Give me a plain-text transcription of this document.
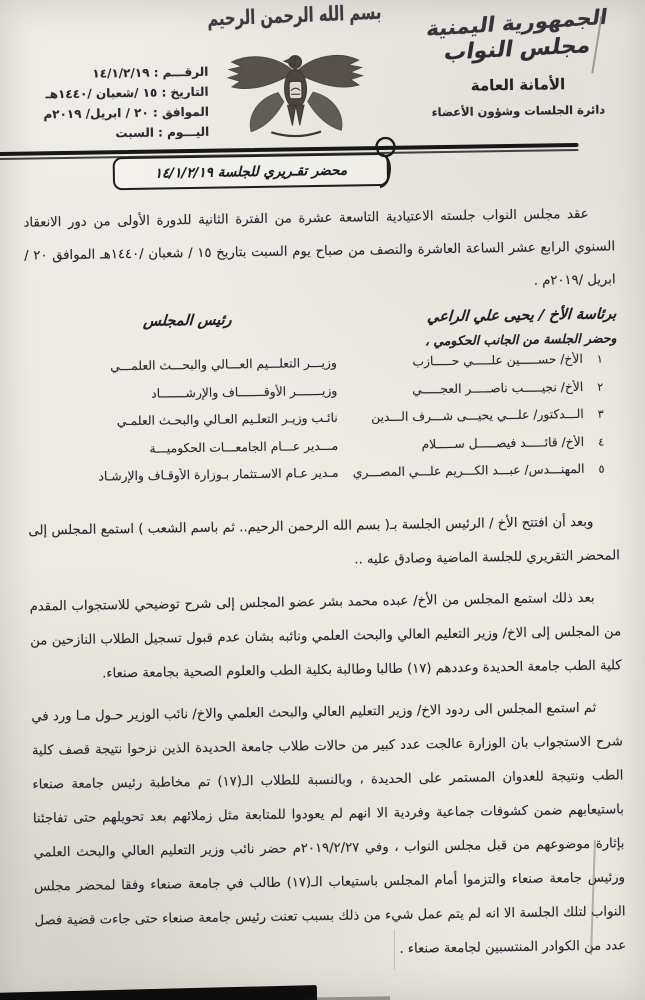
الجمهورية اليمنية
مجلس النواب
الأمانة العامة
دائرة الجلسات وشؤون الأعضاء
بسم الله الرحمن الرحيم
الرقـــم : ١٤/١/٢/١٩
التاريخ : ١٥ /شعبان /١٤٤٠هـ
الموافق : ٢٠ / ابريل/ ٢٠١٩م
اليـــوم : السبت
محضر تقـريري للجلسة ١٤/١/٢/١٩

عقد مجلس النواب جلسته الاعتيادية التاسعة عشرة من الفترة الثانية للدورة الأولى من دور الانعقاد السنوي الرابع عشر الساعة العاشرة والنصف من صباح يوم السبت بتاريخ ١٥ / شعبان /١٤٤٠هـ الموافق ٢٠ / ابريل /٢٠١٩م .

برئاسة الأخ / يحيى علي الراعي
رئيس المجلس
وحضر الجلسة من الجانب الحكومي ،
١
الأخ/ حســـــين علـــــي حـــــازب
وزيـــر التعلـــيم العـــالي والبحـــث العلمـــي
٢
الأخ/ نجيـــــب ناصـــــر العجـــــي
وزيـــــــر الأوقـــــــاف والإرشـــــــاد
٣
الـــدكتور/ علـــي يحيـــى شـــرف الـــدين
نائـب وزيـر التعلـيم العـالي والبحـث العلمـي
٤
الأخ/ قائـــــد فيصـــــل ســـــلام
مـــدير عـــام الجامعـــات الحكوميـــة
٥
المهنـــدس/ عبـــد الكـــريم علـــي المصـــري
مـدير عـام الاسـتثمار بـوزارة الأوقـاف والإرشـاد

وبعد أن افتتح الأخ / الرئيس الجلسة بـ( بسم الله الرحمن الرحيم.. ثم باسم الشعب ) استمع المجلس إلى المحضر التقريري للجلسة الماضية وصادق عليه ..

بعد ذلك استمع المجلس من الأخ/ عبده محمد بشر عضو المجلس إلى شرح توضيحي للاستجواب المقدم من المجلس إلى الاخ/ وزير التعليم العالي والبحث العلمي ونائبه بشان عدم قبول تسجيل الطلاب النازحين من كلية الطب جامعة الحديدة وعددهم (١٧) طالبا وطالبة بكلية الطب والعلوم الصحية بجامعة صنعاء.

ثم استمع المجلس الى ردود الاخ/ وزير التعليم العالي والبحث العلمي والاخ/ نائب الوزير حـول مـا ورد في شرح الاستجواب بان الوزارة عالجت عدد كبير من حالات طلاب جامعة الحديدة الذين نزحوا نتيجة قصف كلية الطب ونتيجة للعدوان المستمر على الحديدة ، وبالنسبة للطلاب الـ(١٧) تم مخاطبة رئيس جامعة صنعاء باستيعابهم ضمن كشوفات جماعية وفردية الا انهم لم يعودوا للمتابعة مثل زملائهم بعد تحويلهم حتى تفاجئنا بإثارة موضوعهم من قبل مجلس النواب ، وفي ٢٠١٩/٢/٢٧م حضر نائب وزير التعليم العالي والبحث العلمي ورئيس جامعة صنعاء والتزموا أمام المجلس باستيعاب الـ(١٧) طالب في جامعة صنعاء وفقا لمحضر مجلس النواب لتلك الجلسة الا انه لم يتم عمل شيء من ذلك بسبب تعنت رئيس جامعة صنعاء حتى جاءت قضية فصل عدد من الكوادر المنتسبين لجامعة صنعاء .
